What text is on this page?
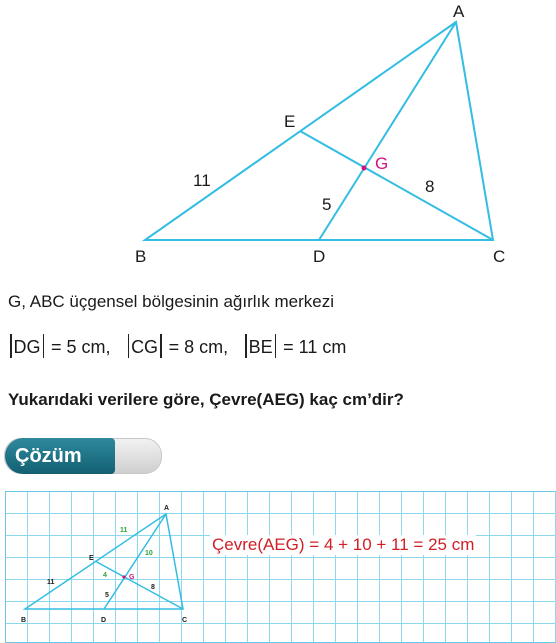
A
B	C
D
E
G
11	8
5
G, ABC üçgensel bölgesinin ağırlık merkezi
DG = 5 cm, CG = 8 cm, BE = 11 cm
Yukarıdaki verilere göre, Çevre(AEG) kaç cm’dir?
Çözüm
A
B	C
D
E
G
11
10
4
11
5
8
Çevre(AEG) = 4 + 10 + 11 = 25 cm
